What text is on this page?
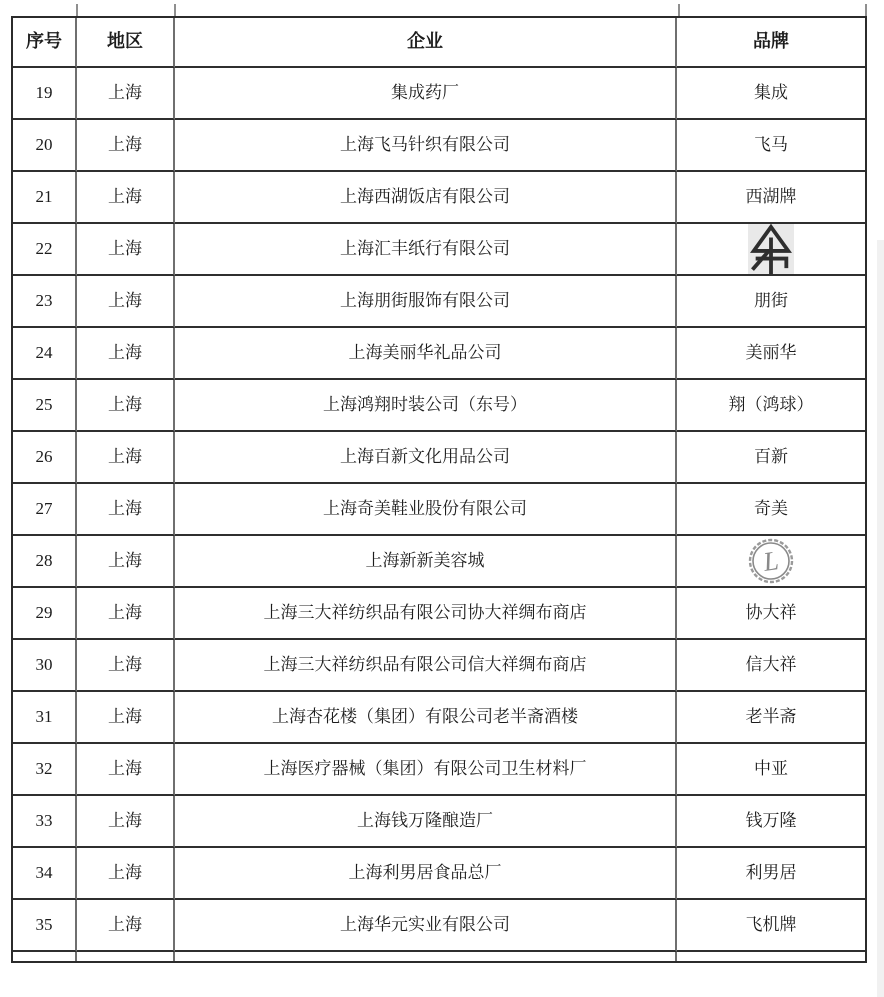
序号	地区	企业	品牌
19	上海	集成药厂	集成
20	上海	上海飞马针织有限公司	飞马
21	上海	上海西湖饭店有限公司	西湖牌
22	上海	上海汇丰纸行有限公司
23	上海	上海朋街服饰有限公司	朋街
24	上海	上海美丽华礼品公司	美丽华
25	上海	上海鸿翔时装公司（东号）	翔（鸿球）
26	上海	上海百新文化用品公司	百新
27	上海	上海奇美鞋业股份有限公司	奇美
28	上海	上海新新美容城	L
29	上海	上海三大祥纺织品有限公司协大祥绸布商店	协大祥
30	上海	上海三大祥纺织品有限公司信大祥绸布商店	信大祥
31	上海	上海杏花楼（集团）有限公司老半斋酒楼	老半斋
32	上海	上海医疗器械（集团）有限公司卫生材料厂	中亚
33	上海	上海钱万隆酿造厂	钱万隆
34	上海	上海利男居食品总厂	利男居
35	上海	上海华元实业有限公司	飞机牌
